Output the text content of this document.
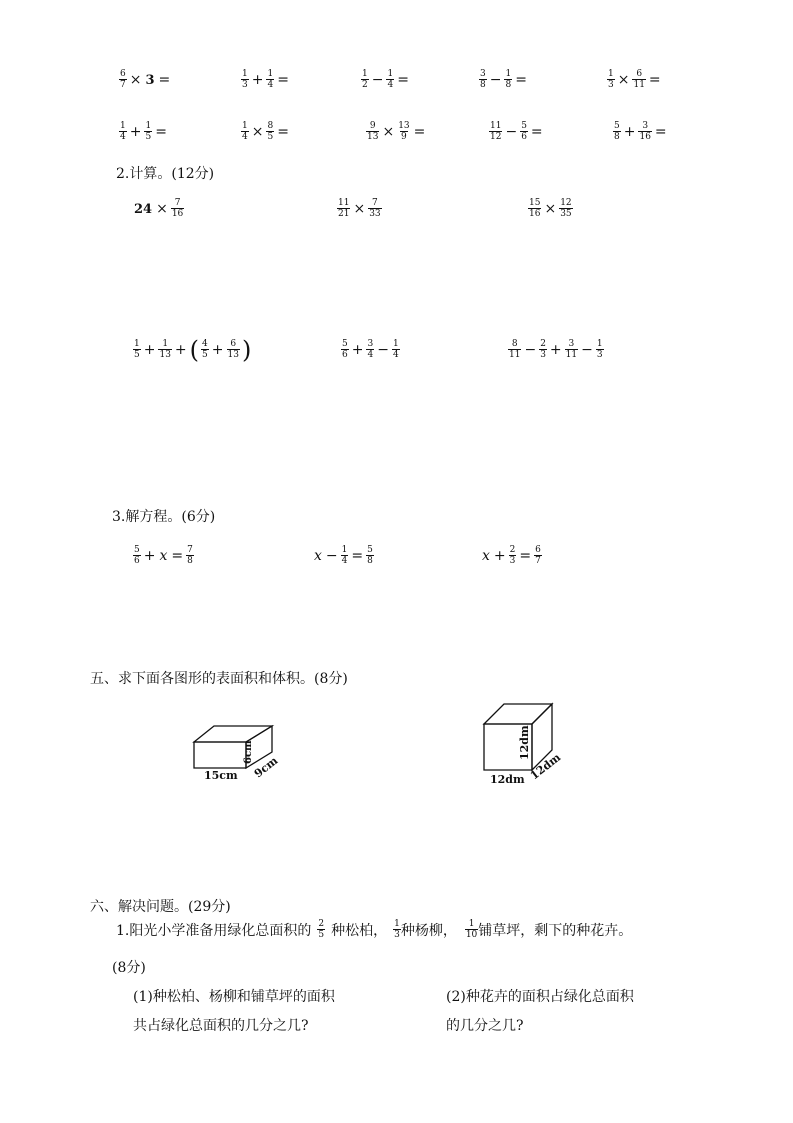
$\frac{6}{7} \times 3$ =	$\frac{1}{3} + \frac{1}{4}$ =	$\frac{1}{2} - \frac{1}{4}$ =	$\frac{3}{8} - \frac{1}{8}$ =	$\frac{1}{3} \times \frac{6}{11}$ =
$\frac{1}{4} + \frac{1}{5}$ =	$\frac{1}{4} \times \frac{8}{5}$ =	$\frac{9}{13} \times \frac{13}{9}$ =	$\frac{11}{12} - \frac{5}{6}$ =	$\frac{5}{8} + \frac{3}{16}$ =
2.计算。(12分)
$24 \times \frac{7}{16}$	$\frac{11}{21} \times \frac{7}{33}$	$\frac{15}{16} \times \frac{12}{35}$
$\frac{1}{5} + \frac{1}{13}$ + ( $\frac{4}{5} + \frac{6}{13}$ )	$\frac{5}{6} + \frac{3}{4} - \frac{1}{4}$	$\frac{8}{11} - \frac{2}{3} + \frac{3}{11} - \frac{1}{3}$
3.解方程。(6分)
$\frac{5}{6} + x = \frac{7}{8}$	$x - \frac{1}{4} = \frac{5}{8}$	$x + \frac{2}{3} = \frac{6}{7}$
五、求下面各图形的表面积和体积。(8分)
15cm
6cm
9cm
12dm
12dm 12dm
六、解决问题。(29分)
1.阳光小学准备用绿化总面积的 $\frac{2}{5}$ 种松柏， $\frac{1}{3}$ 种杨柳， $\frac{1}{10}$ 铺草坪，剩下的种花卉。
(8分)
(1)种松柏、杨柳和铺草坪的面积
共占绿化总面积的几分之几?
(2)种花卉的面积占绿化总面积
的几分之几?
